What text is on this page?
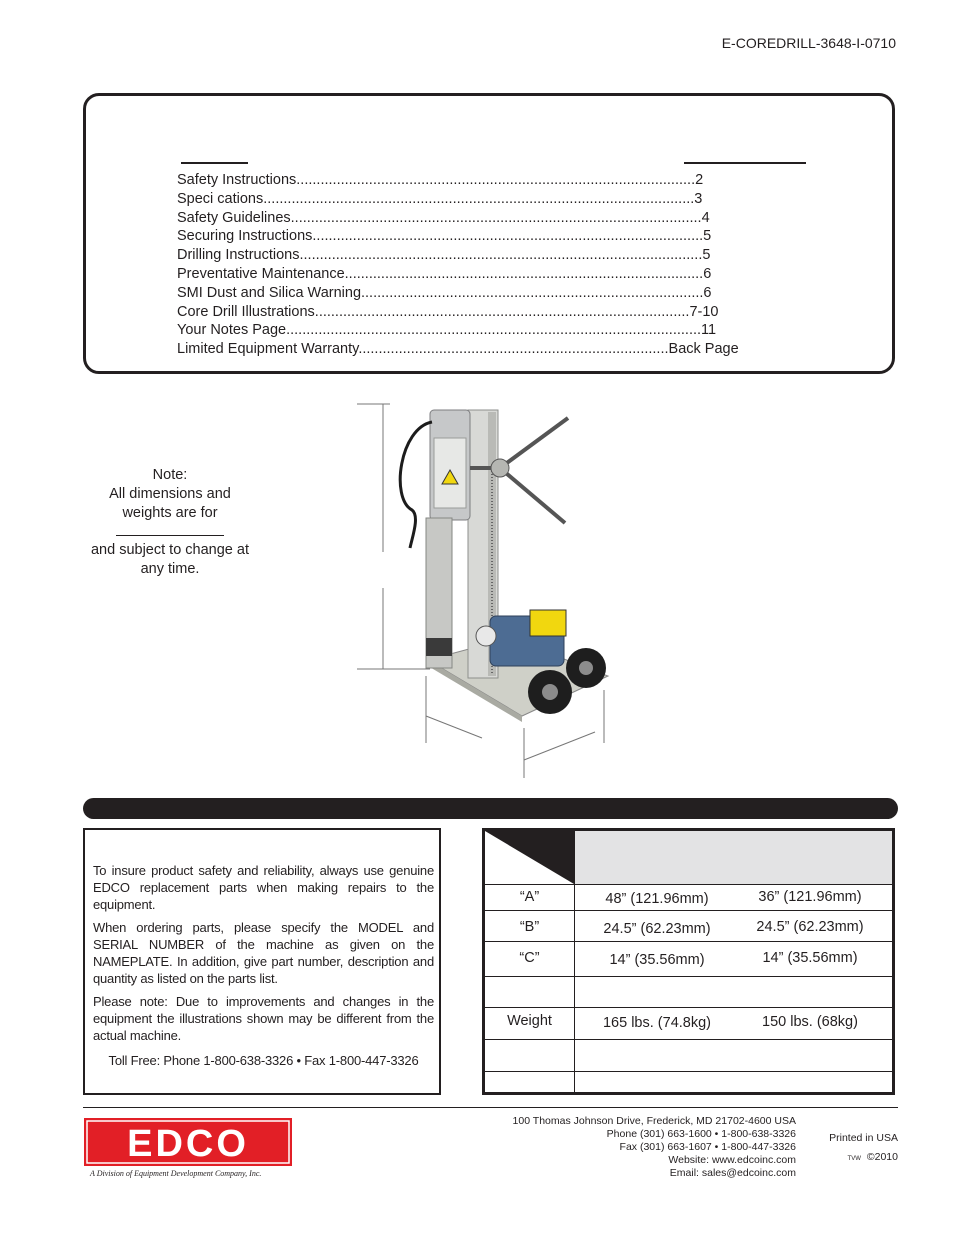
E-COREDRILL-3648-I-0710
Safety Instructions...................................................................................................2
Speci cations...........................................................................................................3
Safety Guidelines......................................................................................................4
Securing Instructions.................................................................................................5
Drilling Instructions....................................................................................................5
Preventative Maintenance.........................................................................................6
SMI Dust and Silica Warning.....................................................................................6
Core Drill Illustrations.............................................................................................7-10
Your Notes Page.......................................................................................................11
Limited Equipment Warranty.............................................................................Back Page
Note:
All dimensions and
weights are for
and subject to change at
any time.

To insure product safety and reliability, always use genuine EDCO replacement parts when making repairs to the equipment.

When ordering parts, please specify the MODEL and SERIAL NUMBER of the machine as given on the NAMEPLATE. In addition, give part number, description and quantity as listed on the parts list.

Please note: Due to improvements and changes in the equipment the illustrations shown may be different from the actual machine.

Toll Free: Phone 1-800-638-3326 • Fax 1-800-447-3326

“A”	48” (121.96mm)	36” (121.96mm)
“B”	24.5” (62.23mm)	24.5” (62.23mm)
“C”	14” (35.56mm)	14” (35.56mm)
Weight	165 lbs. (74.8kg)	150 lbs. (68kg)
EDCO
A Division of Equipment Development Company, Inc.
100 Thomas Johnson Drive, Frederick, MD 21702-4600 USA
Phone (301) 663-1600 • 1-800-638-3326
Fax (301) 663-1607 • 1-800-447-3326
Website: www.edcoinc.com
Email: sales@edcoinc.com
Printed in USA
TVW ©2010
